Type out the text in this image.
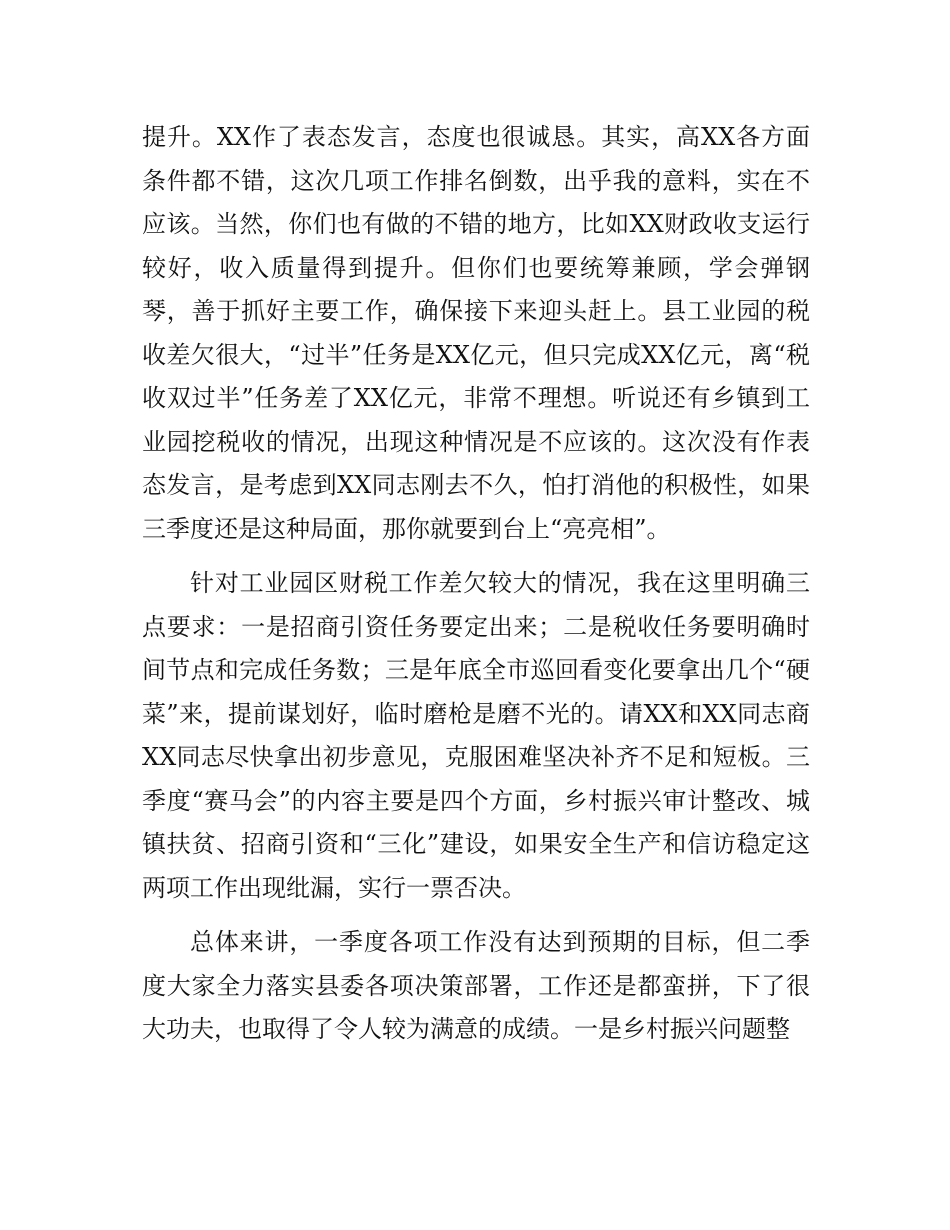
提升。XX作了表态发言，态度也很诚恳。其实，高XX各方面条件都不错，这次几项工作排名倒数，出乎我的意料，实在不应该。当然，你们也有做的不错的地方，比如XX财政收支运行较好，收入质量得到提升。但你们也要统筹兼顾，学会弹钢琴，善于抓好主要工作，确保接下来迎头赶上。县工业园的税收差欠很大，“过半”任务是XX亿元，但只完成XX亿元，离“税收双过半”任务差了XX亿元，非常不理想。听说还有乡镇到工业园挖税收的情况，出现这种情况是不应该的。这次没有作表态发言，是考虑到XX同志刚去不久，怕打消他的积极性，如果三季度还是这种局面，那你就要到台上“亮亮相”。

针对工业园区财税工作差欠较大的情况，我在这里明确三点要求：一是招商引资任务要定出来；二是税收任务要明确时间节点和完成任务数；三是年底全市巡回看变化要拿出几个“硬菜”来，提前谋划好，临时磨枪是磨不光的。请XX和XX同志商XX同志尽快拿出初步意见，克服困难坚决补齐不足和短板。三季度“赛马会”的内容主要是四个方面，乡村振兴审计整改、城镇扶贫、招商引资和“三化”建设，如果安全生产和信访稳定这两项工作出现纰漏，实行一票否决。

总体来讲，一季度各项工作没有达到预期的目标，但二季度大家全力落实县委各项决策部署，工作还是都蛮拼，下了很大功夫，也取得了令人较为满意的成绩。一是乡村振兴问题整
